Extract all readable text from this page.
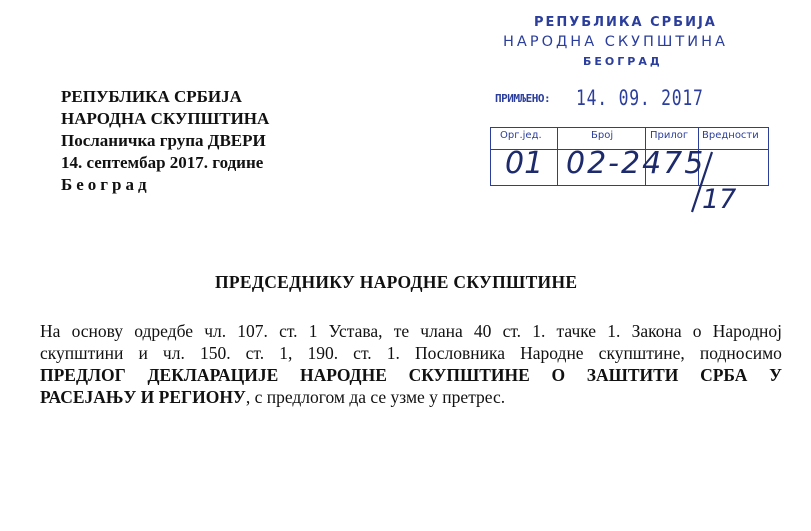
РЕПУБЛИКА СРБИЈА
НАРОДНА СКУПШТИНА
БЕОГРАД
ПРИМЉЕНО: 14. 09. 2017
Орг.јед.	Број	Прилог Вредности
01 02-2475
17
РЕПУБЛИКА СРБИЈА
НАРОДНА СКУПШТИНА
Посланичка група ДВЕРИ
14. септембар 2017. године
Београд
ПРЕДСЕДНИКУ НАРОДНЕ СКУПШТИНЕ
На основу одредбе чл. 107. ст. 1 Устава, те члана 40 ст. 1. тачке 1. Закона о Народној
скупштини и чл. 150. ст. 1, 190. ст. 1. Пословника Народне скупштине, подносимо
ПРЕДЛОГ ДЕКЛАРАЦИЈЕ НАРОДНЕ СКУПШТИНЕ О ЗАШТИТИ СРБА У
РАСЕЈАЊУ И РЕГИОНУ , с предлогом да се узме у претрес.
